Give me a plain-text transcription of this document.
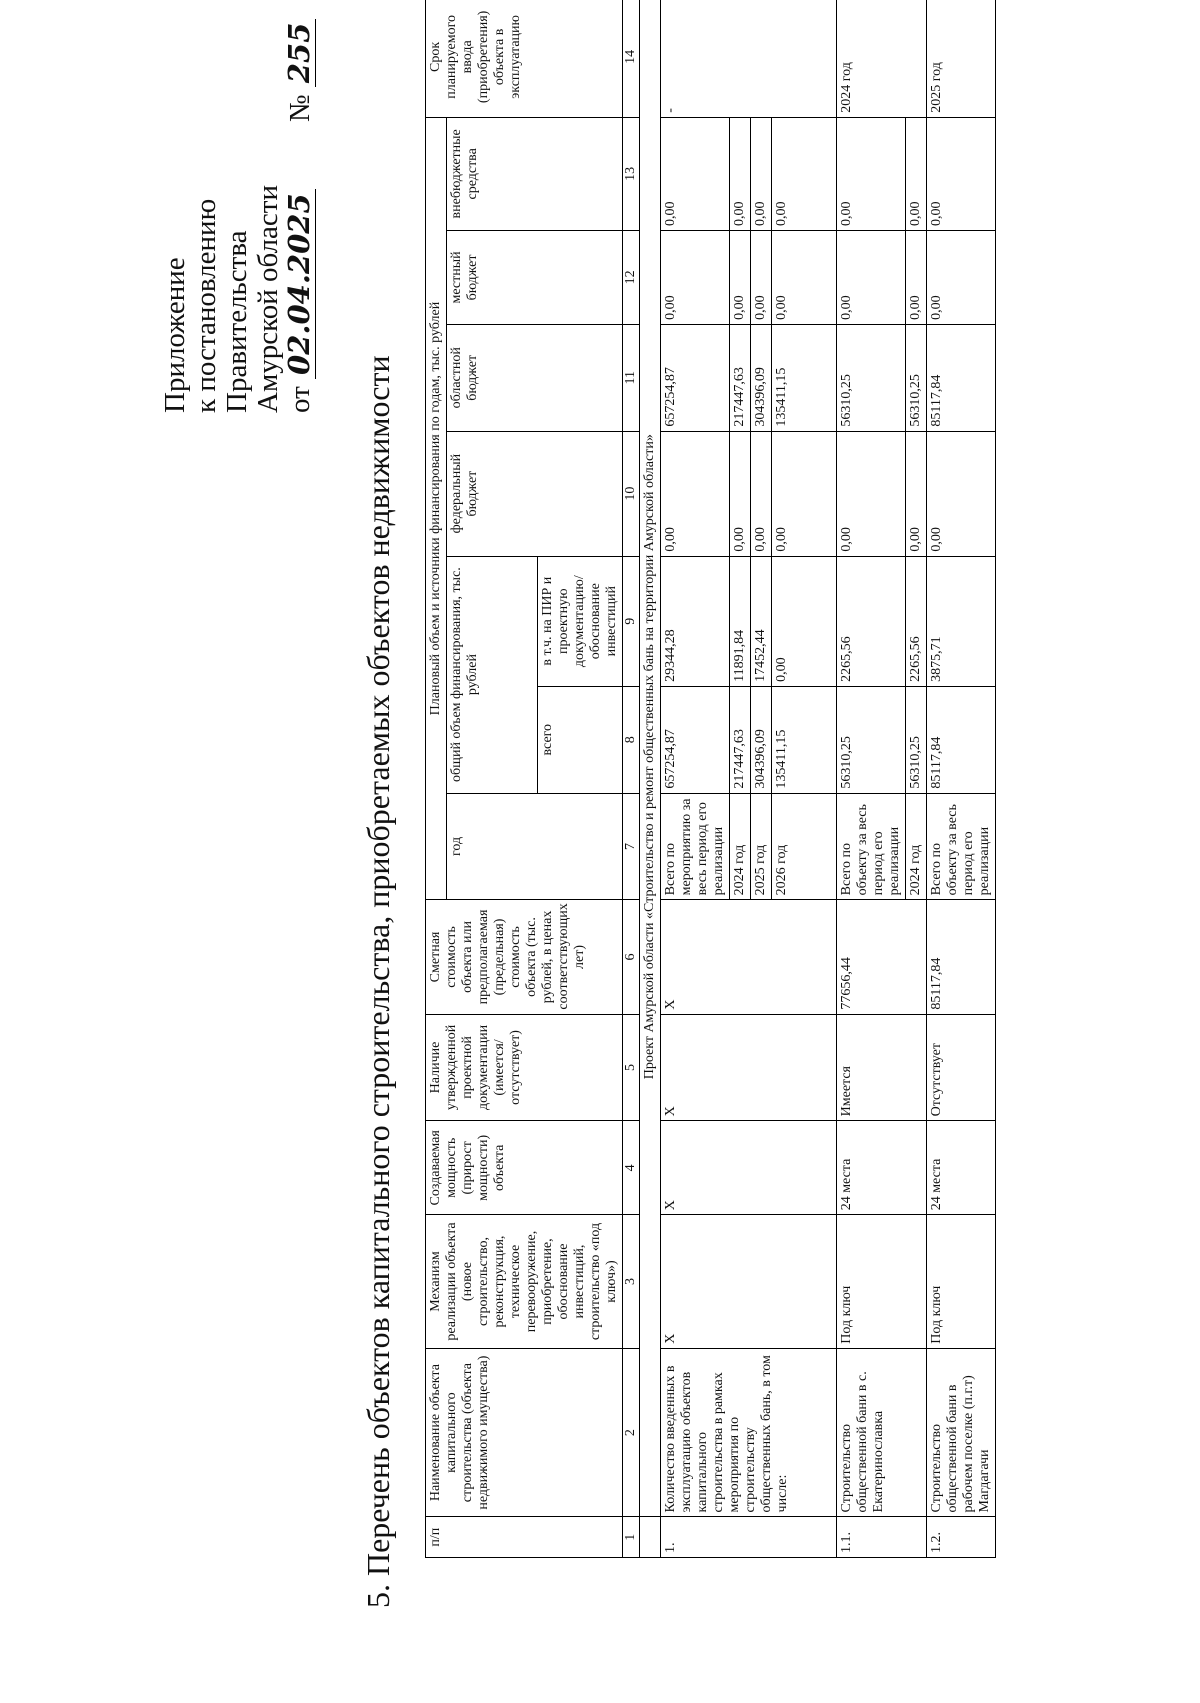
Приложение к постановлению Правительства Амурской области от 02.04.2025 № 255
5. Перечень объектов капитального строительства, приобретаемых объектов недвижимости п/п	Наименование объекта капитального строительства (объекта недвижимого имущества)	Механизм реализации объекта (новое строительство, реконструкция, техническое перевооружение, приобретение, обоснование инвестиций, строительство «под ключ»)	Создаваемая мощность (прирост мощности) объекта	Наличие утвержденной проектной документации (имеется/ отсутствует)	Сметная стоимость объекта или предполагаемая (предельная) стоимость объекта (тыс. рублей, в ценах соответствующих лет)	Плановый объем и источники финансирования по годам, тыс. рублей							Срок планируемого ввода (приобретения) объекта в эксплуатацию
						год	общий объем финансирования, тыс. рублей		федеральный бюджет	областной бюджет	местный бюджет	внебюджетные средства	
							всего	в т.ч. на ПИР и проектную документацию/ обоснование инвестиций					
1	2	3	4	5	6	7	8	9	10	11	12	13	14
	Проект Амурской области «Строительство и ремонт общественных бань на территории Амурской области»												
1.	Количество введенных в эксплуатацию объектов капитального строительства в рамках мероприятия по строительству общественных бань, в том числе:	X	X	X	X	Всего по мероприятию за весь период его реализации	657254,87	29344,28	0,00	657254,87	0,00	0,00	-
						2024 год	217447,63	11891,84	0,00	217447,63	0,00	0,00	
						2025 год	304396,09	17452,44	0,00	304396,09	0,00	0,00	
						2026 год	135411,15	0,00	0,00	135411,15	0,00	0,00	
1.1.	Строительство общественной бани в с. Екатеринославка	Под ключ	24 места	Имеется	77656,44	Всего по объекту за весь период его реализации	56310,25	2265,56	0,00	56310,25	0,00	0,00	2024 год
						2024 год	56310,25	2265,56	0,00	56310,25	0,00	0,00	
1.2.	Строительство общественной бани в рабочем поселке (п.г.т) Магдагачи	Под ключ	24 места	Отсутствует	85117,84	Всего по объекту за весь период его реализации	85117,84	3875,71	0,00	85117,84	0,00	0,00	2025 год
